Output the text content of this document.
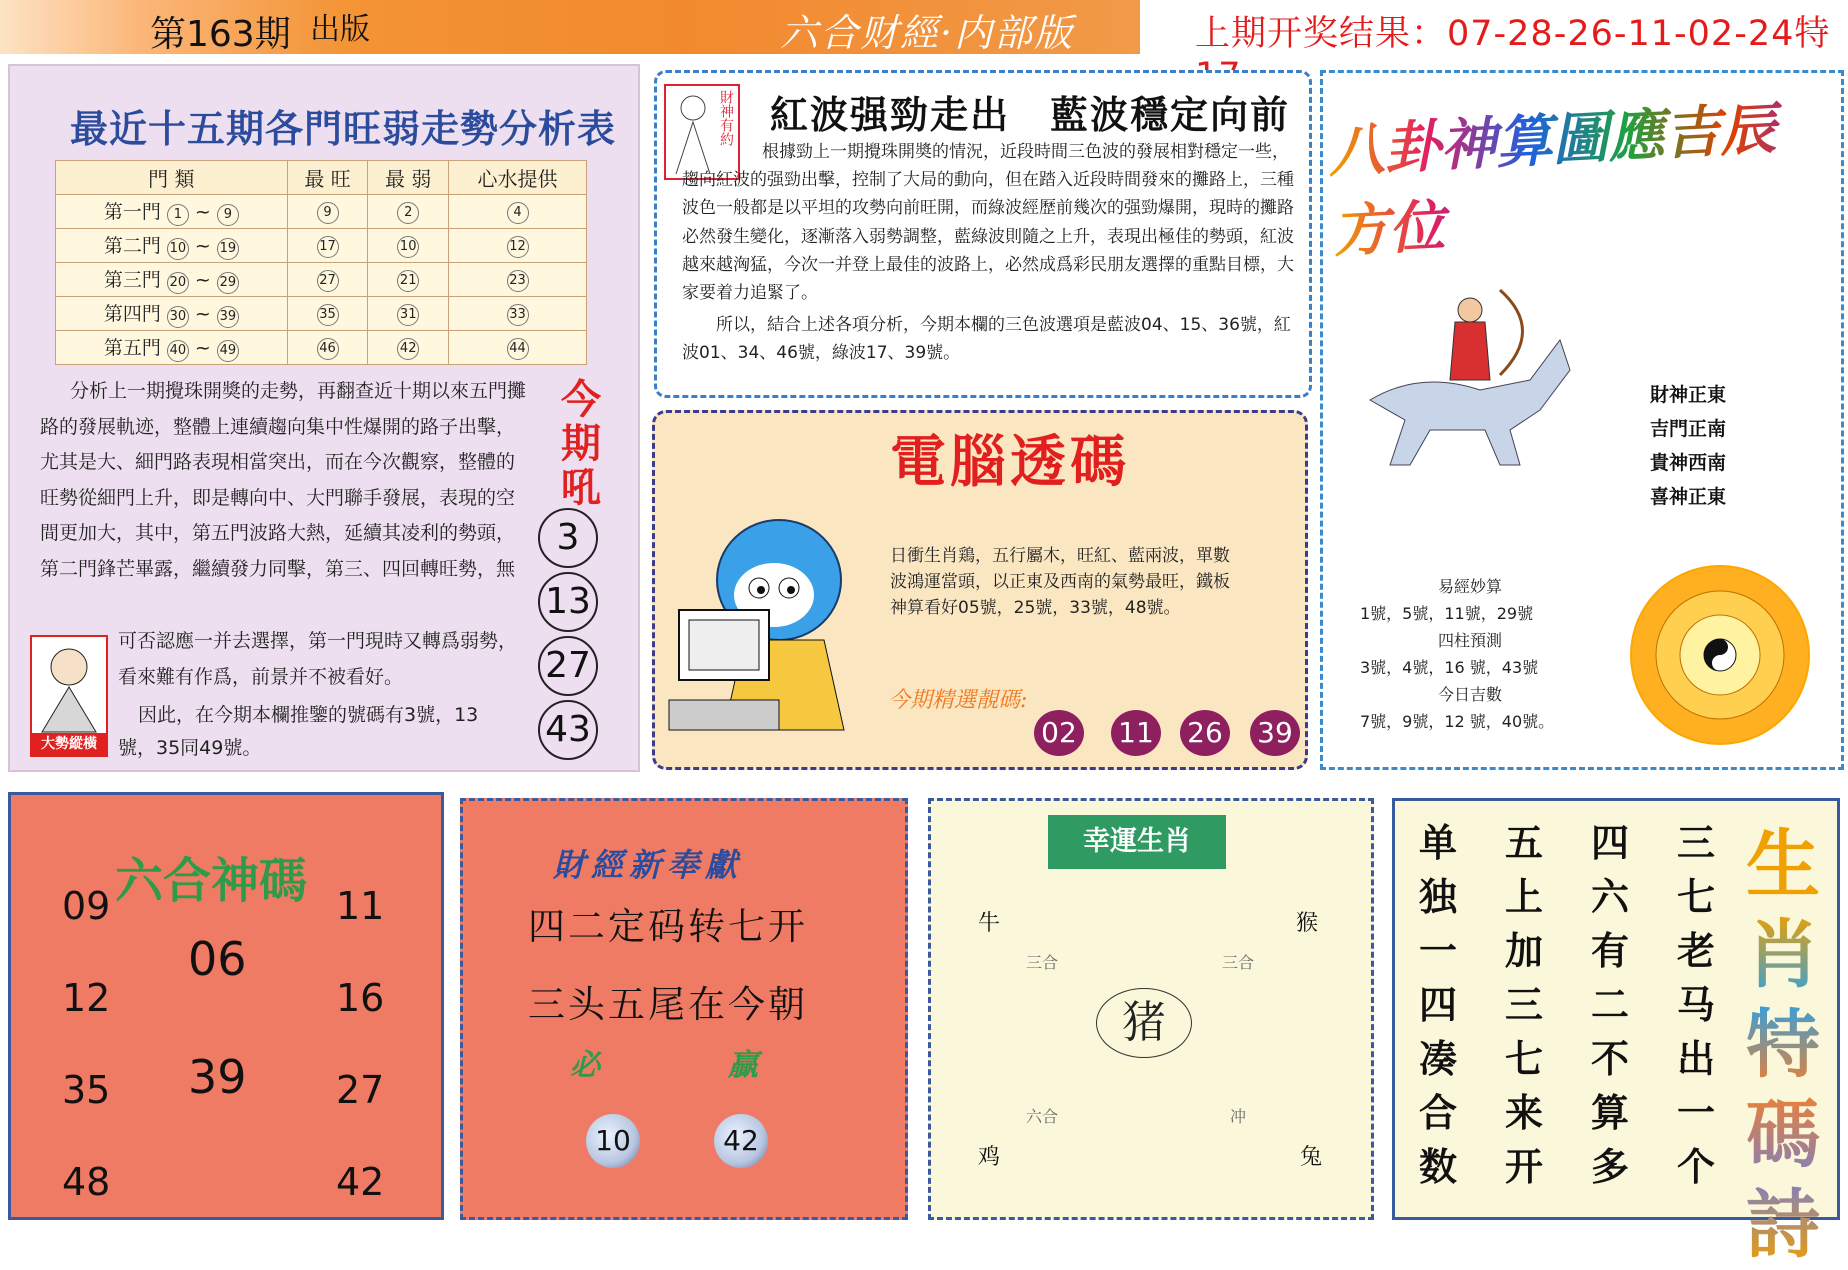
第163期 出版	六合财經·内部版	上期开奖结果：07-28-26-11-02-24特
最近十五期各門旺弱走勢分析表
門 類	最 旺	最 弱	心水提供
第一門 1 ~ 9	9	2	4
第二門 10 ~ 19	17	10	12
第三門 20 ~ 29	27	21	23
第四門 30 ~ 39	35	31	33
第五門 40 ~ 49	46	42	44
分析上一期攪珠開獎的走勢，再翻查近十期以來五門攤路的發展軌迹，整體上連續趨向集中性爆開的路子出擊，尤其是大、細門路表現相當突出，而在今次觀察，整體的旺勢從細門上升，即是轉向中、大門聯手發展，表現的空間更加大，其中，第五門波路大熱，延續其凌利的勢頭，第二門鋒芒畢露，繼續發力同擊，第三、四回轉旺勢，無
可否認應一并去選擇，第一門現時又轉爲弱勢，看來難有作爲，前景并不被看好。
因此，在今期本欄推鑒的號碼有3號，13
號，35同49號。
今期吼
3
13
27
43
大勢縱橫
財神有約 紅波强勁走出　藍波穩定向前
根據勁上一期攪珠開奬的情況，近段時間三色波的發展相對穩定一些，趨向紅波的强勁出擊，控制了大局的動向，但在踏入近段時間發來的攤路上，三種波色一般都是以平坦的攻勢向前旺開，而綠波經歷前幾次的强勁爆開，現時的攤路必然發生變化，逐漸落入弱勢調整，藍綠波則隨之上升，表現出極佳的勢頭，紅波越來越洶猛，今次一并登上最佳的波路上，必然成爲彩民朋友選擇的重點目標，大家要着力追緊了。
所以，結合上述各項分析，今期本欄的三色波選項是藍波04、15、36號，紅波01、34、46號，綠波17、39號。
電腦透碼
日衝生肖鶏，五行屬木，旺紅、藍兩波，單數波鴻運當頭，以正東及西南的氣勢最旺，鐵板神算看好05號，25號，33號，48號。
今期精選靚碼:
02 11 26 39
八卦神算圖應吉辰方位
財神正東
吉門正南
貴神西南
喜神正東
易經妙算
1號，5號，11號，29號
四柱預測
3號，4號，16 號，43號
今日吉數
7號，9號，12 號，40號。
六合神碼
06
39
09
12
35
48
11
16
27
42
財經新奉獻
四二定码转七开
三头五尾在今朝
必	贏
10	42
幸運生肖
牛	猴
三合	三合
猪
六合	冲
鸡	兔
三七老马出一个
四六有二不算多
五上加三七来开
单独一四凑合数
生肖特碼詩
